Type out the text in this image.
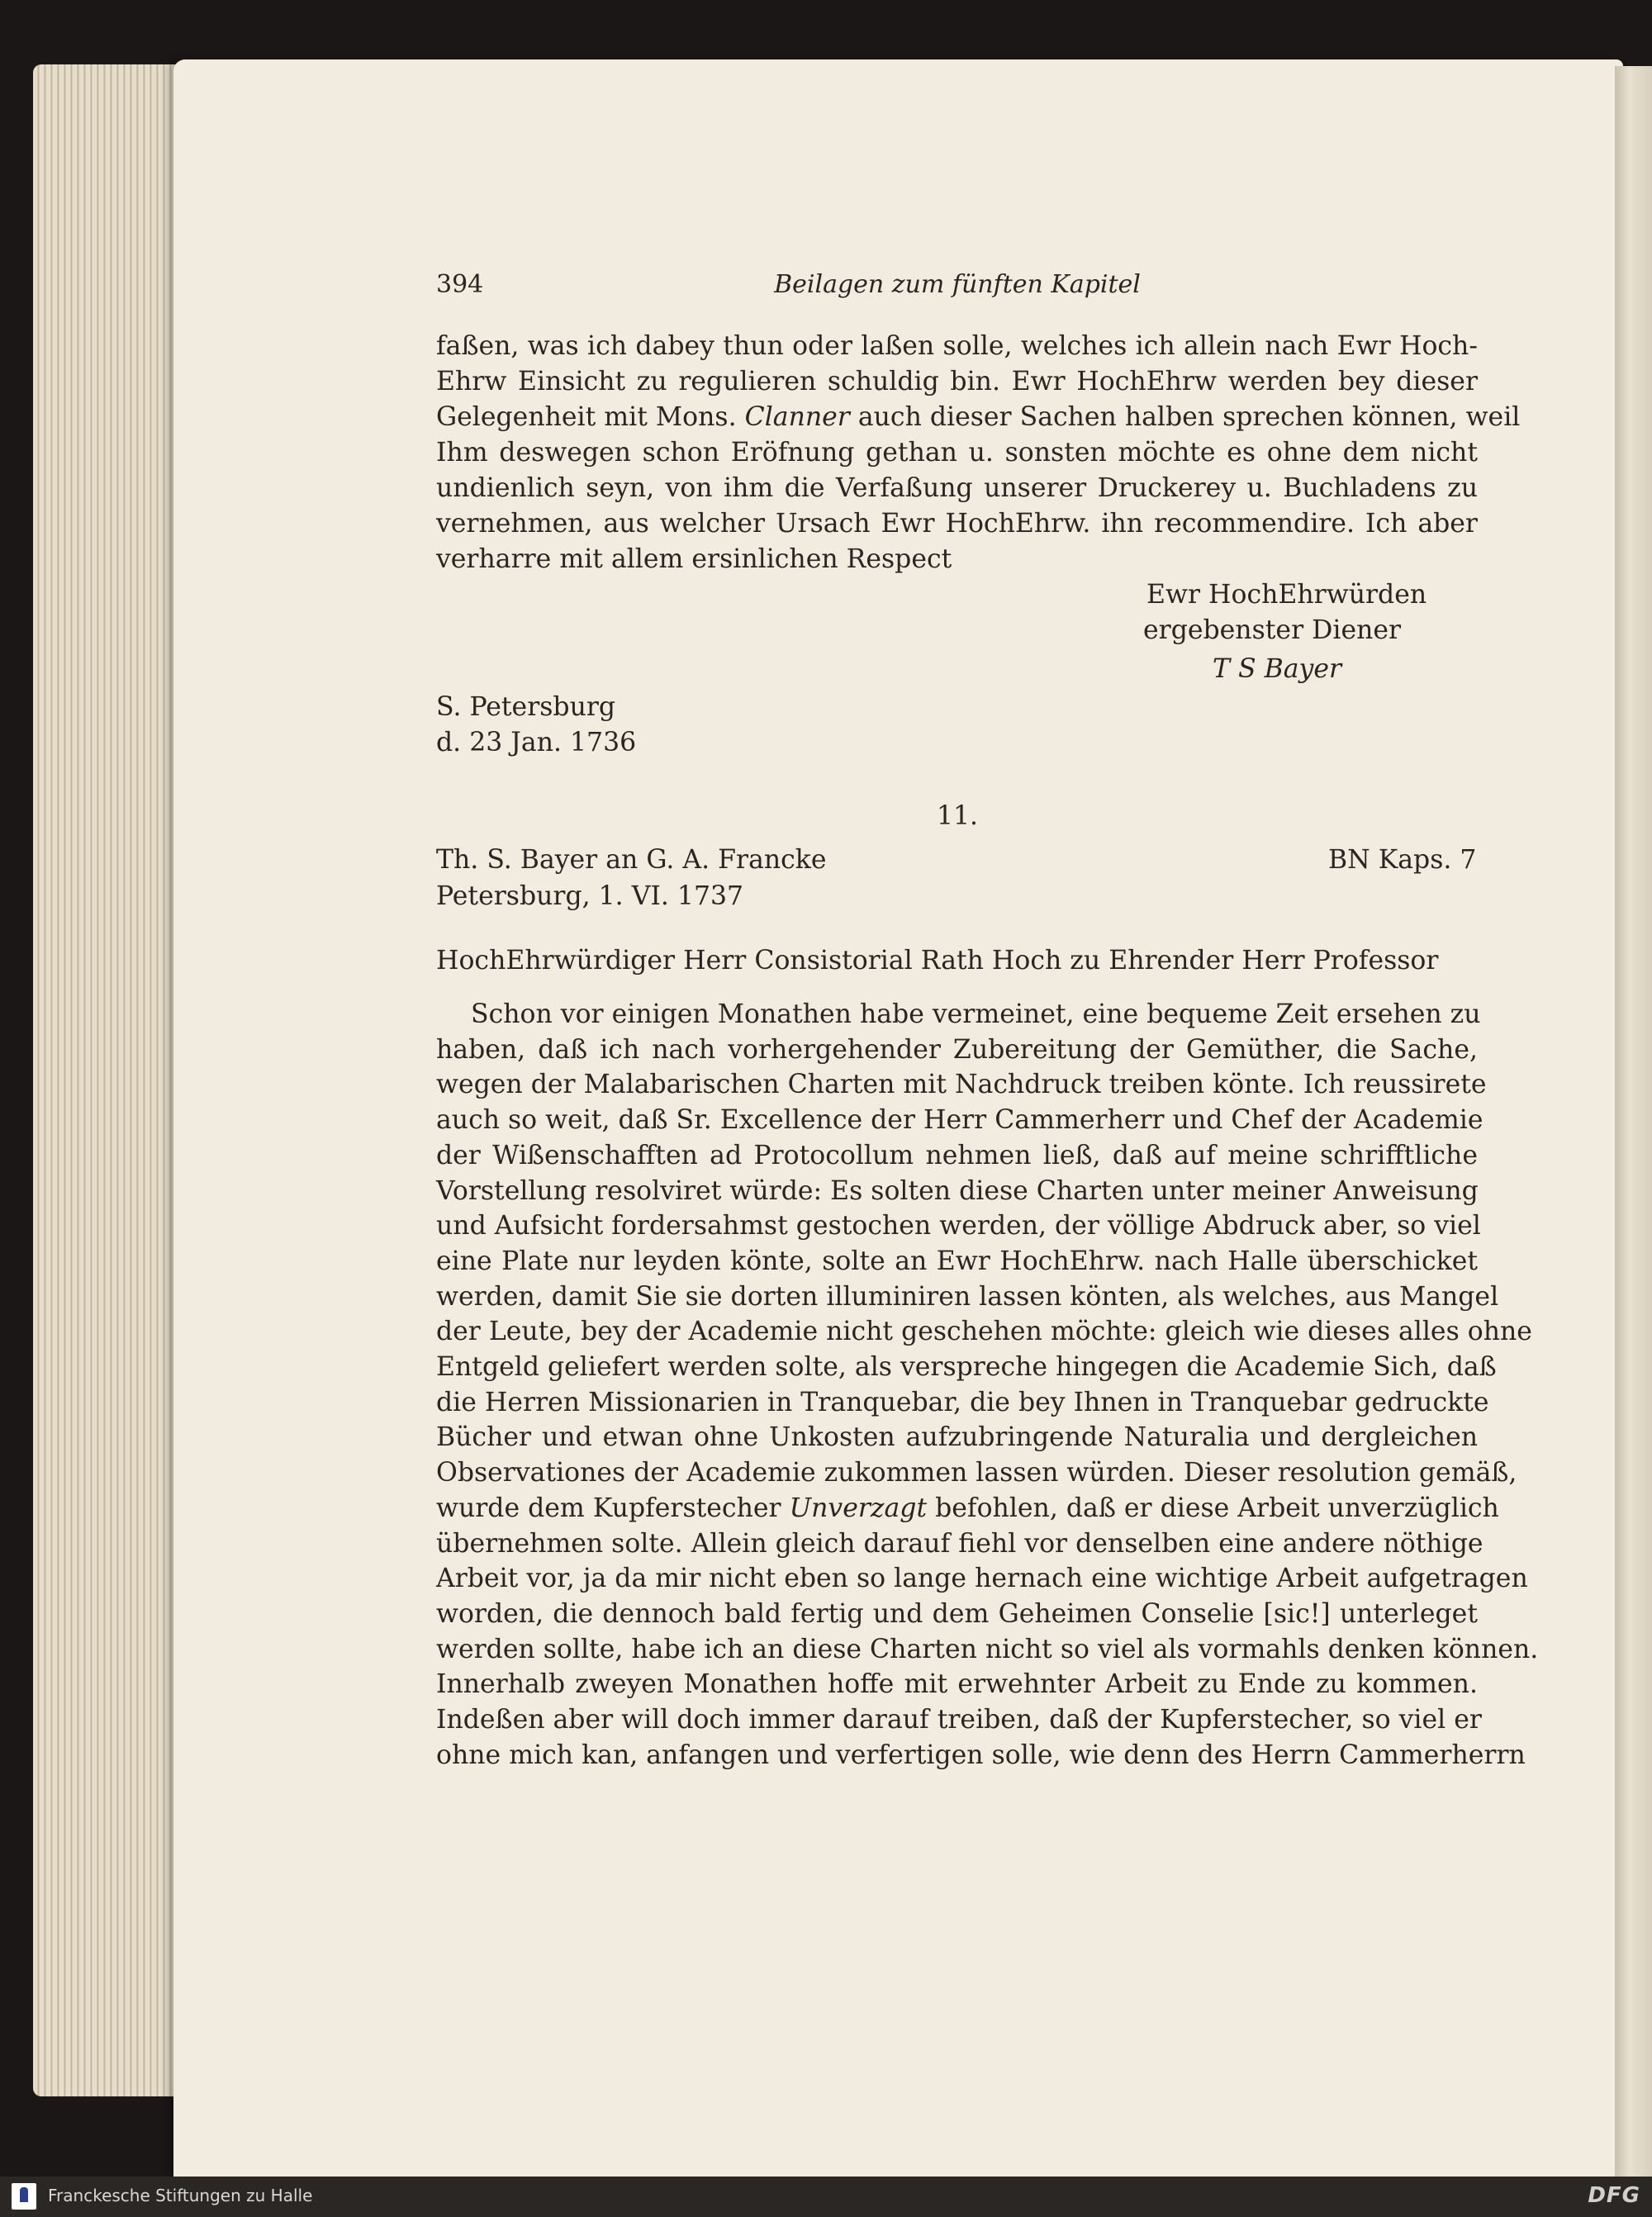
394	Beilagen zum fünften Kapitel
faßen, was ich dabey thun oder laßen solle, welches ich allein nach Ewr Hoch-
Ehrw Einsicht zu regulieren schuldig bin. Ewr HochEhrw werden bey dieser
Gelegenheit mit Mons. Clanner auch dieser Sachen halben sprechen können, weil
Ihm deswegen schon Eröfnung gethan u. sonsten möchte es ohne dem nicht
undienlich seyn, von ihm die Verfaßung unserer Druckerey u. Buchladens zu
vernehmen, aus welcher Ursach Ewr HochEhrw. ihn recommendire. Ich aber
verharre mit allem ersinlichen Respect
Ewr HochEhrwürden
ergebenster Diener
T S Bayer
S. Petersburg
d. 23 Jan. 1736
11.
Th. S. Bayer an G. A. Francke	BN Kaps. 7
Petersburg, 1. VI. 1737
HochEhrwürdiger Herr Consistorial Rath Hoch zu Ehrender Herr Professor
Schon vor einigen Monathen habe vermeinet, eine bequeme Zeit ersehen zu
haben, daß ich nach vorhergehender Zubereitung der Gemüther, die Sache,
wegen der Malabarischen Charten mit Nachdruck treiben könte. Ich reussirete
auch so weit, daß Sr. Excellence der Herr Cammerherr und Chef der Academie
der Wißenschafften ad Protocollum nehmen ließ, daß auf meine schrifftliche
Vorstellung resolviret würde: Es solten diese Charten unter meiner Anweisung
und Aufsicht fordersahmst gestochen werden, der völlige Abdruck aber, so viel
eine Plate nur leyden könte, solte an Ewr HochEhrw. nach Halle überschicket
werden, damit Sie sie dorten illuminiren lassen könten, als welches, aus Mangel
der Leute, bey der Academie nicht geschehen möchte: gleich wie dieses alles ohne
Entgeld geliefert werden solte, als verspreche hingegen die Academie Sich, daß
die Herren Missionarien in Tranquebar, die bey Ihnen in Tranquebar gedruckte
Bücher und etwan ohne Unkosten aufzubringende Naturalia und dergleichen
Observationes der Academie zukommen lassen würden. Dieser resolution gemäß,
wurde dem Kupferstecher Unverzagt befohlen, daß er diese Arbeit unverzüglich
übernehmen solte. Allein gleich darauf fiehl vor denselben eine andere nöthige
Arbeit vor, ja da mir nicht eben so lange hernach eine wichtige Arbeit aufgetragen
worden, die dennoch bald fertig und dem Geheimen Conselie [sic!] unterleget
werden sollte, habe ich an diese Charten nicht so viel als vormahls denken können.
Innerhalb zweyen Monathen hoffe mit erwehnter Arbeit zu Ende zu kommen.
Indeßen aber will doch immer darauf treiben, daß der Kupferstecher, so viel er
ohne mich kan, anfangen und verfertigen solle, wie denn des Herrn Cammerherrn
Franckesche Stiftungen zu Halle	DFG
